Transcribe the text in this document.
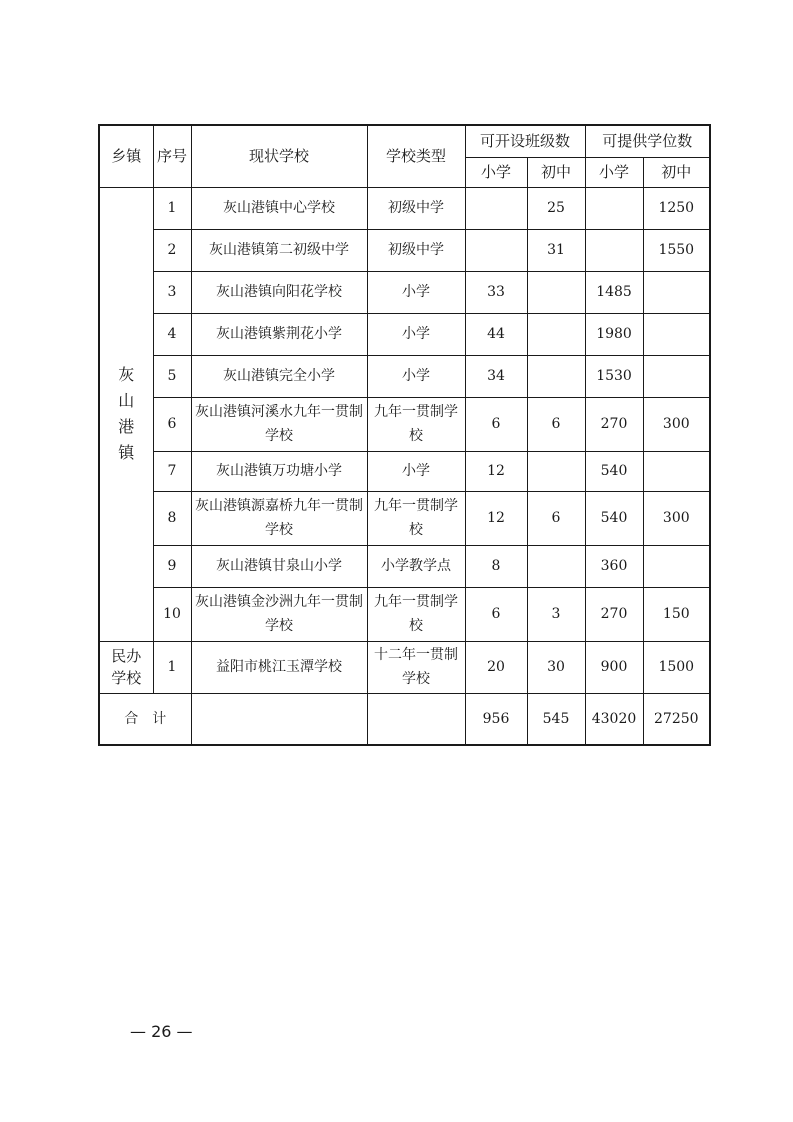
乡镇	序号	现状学校	学校类型	可开设班级数		可提供学位数	
				小学	初中	小学	初中

灰山港镇	1	灰山港镇中心学校	初级中学		25		1250
	2	灰山港镇第二初级中学	初级中学		31		1550
	3	灰山港镇向阳花学校	小学	33		1485	
	4	灰山港镇紫荆花小学	小学	44		1980	
	5	灰山港镇完全小学	小学	34		1530	
	6	灰山港镇河溪水九年一贯制学校	九年一贯制学校	6	6	270	300
	7	灰山港镇万功塘小学	小学	12		540	
	8	灰山港镇源嘉桥九年一贯制学校	九年一贯制学校	12	6	540	300
	9	灰山港镇甘泉山小学	小学教学点	8		360	
	10	灰山港镇金沙洲九年一贯制学校	九年一贯制学校	6	3	270	150

民办学校	1	益阳市桃江玉潭学校	十二年一贯制学校	20	30	900	1500
合　计				956	545	43020	27250
— 26 —
